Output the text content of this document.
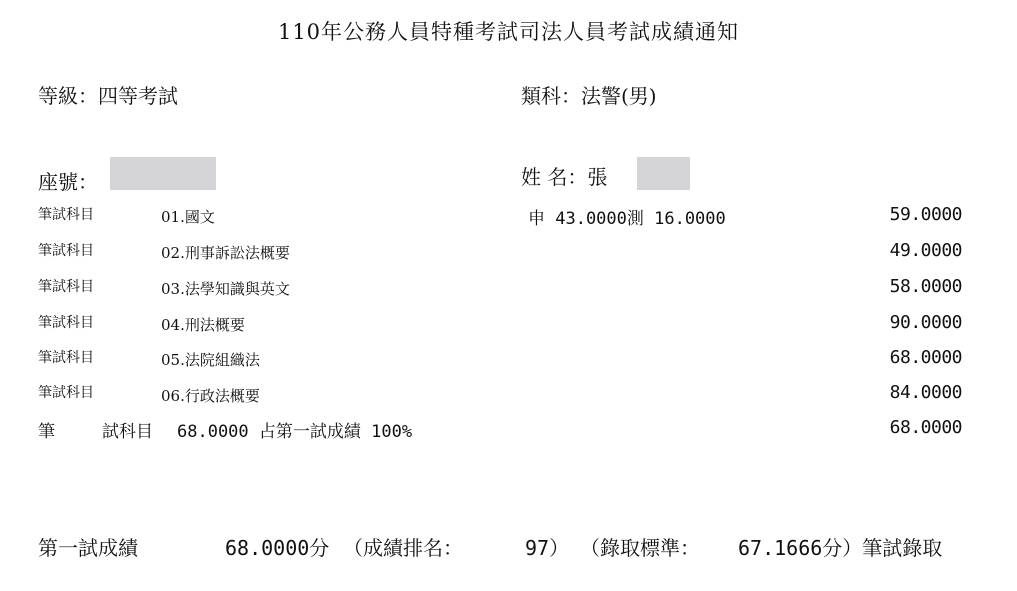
110年公務人員特種考試司法人員考試成績通知
等級：四等考試	類科：法警(男)
座號：	姓 名：張
筆試科目	01.國文	申 43.0000測 16.0000	59.0000
筆試科目	02.刑事訴訟法概要	49.0000
筆試科目	03.法學知識與英文	58.0000
筆試科目	04.刑法概要	90.0000
筆試科目	05.法院組織法	68.0000
筆試科目	06.行政法概要	84.0000
筆	試科目 68.0000 占第一試成績 100%	68.0000
第一試成績	68.0000分 （成績排名：	97） （錄取標準： 67.1666分）筆試錄取
